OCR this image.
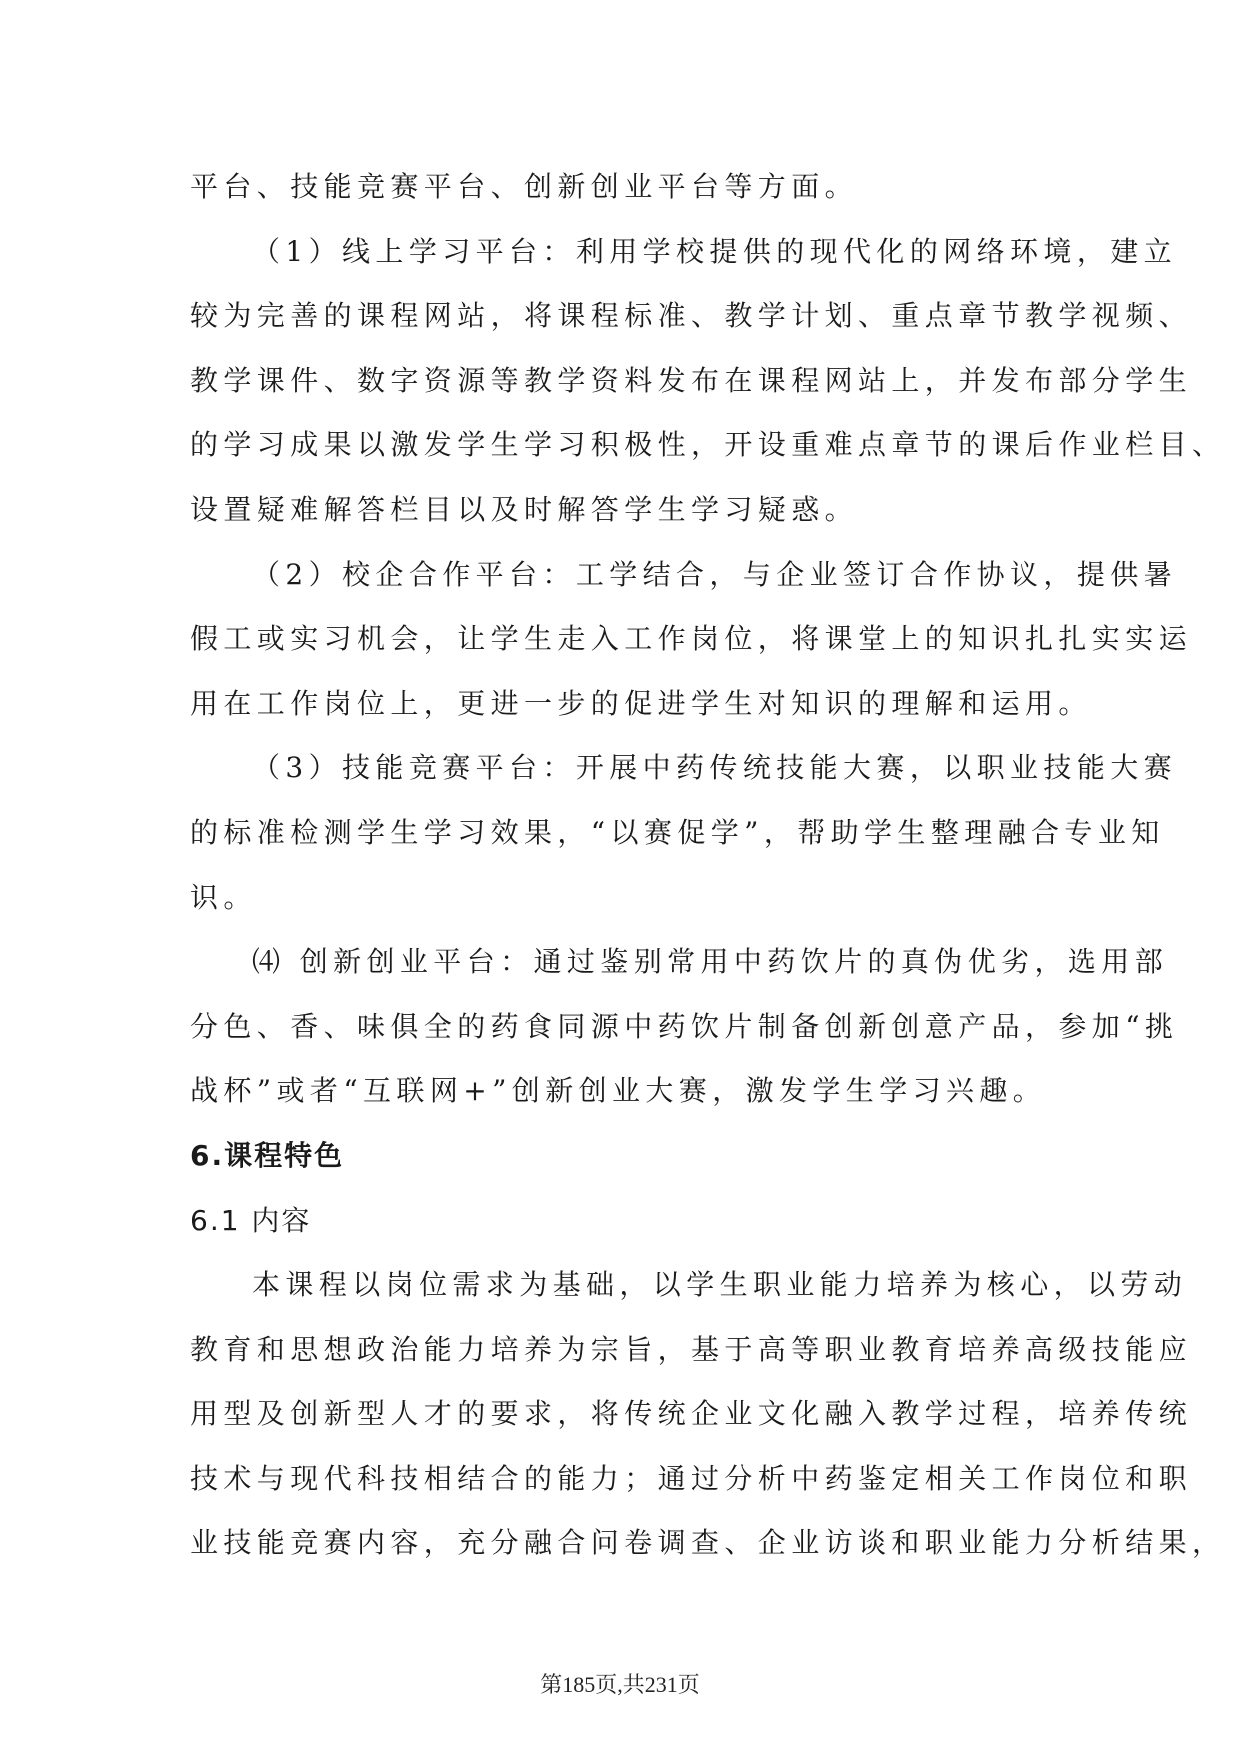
平台、技能竞赛平台、创新创业平台等方面。
（1）线上学习平台：利用学校提供的现代化的网络环境，建立
较为完善的课程网站，将课程标准、教学计划、重点章节教学视频、
教学课件、数字资源等教学资料发布在课程网站上，并发布部分学生
的学习成果以激发学生学习积极性，开设重难点章节的课后作业栏目、
设置疑难解答栏目以及时解答学生学习疑惑。
（2）校企合作平台：工学结合，与企业签订合作协议，提供暑
假工或实习机会，让学生走入工作岗位，将课堂上的知识扎扎实实运
用在工作岗位上，更进一步的促进学生对知识的理解和运用。
（3）技能竞赛平台：开展中药传统技能大赛，以职业技能大赛
的标准检测学生学习效果，“以赛促学”，帮助学生整理融合专业知
识。
⑷ 创新创业平台：通过鉴别常用中药饮片的真伪优劣，选用部
分色、香、味俱全的药食同源中药饮片制备创新创意产品，参加“挑
战杯”或者“互联网+”创新创业大赛，激发学生学习兴趣。
6.课程特色
6.1 内容
本课程以岗位需求为基础，以学生职业能力培养为核心，以劳动
教育和思想政治能力培养为宗旨，基于高等职业教育培养高级技能应
用型及创新型人才的要求，将传统企业文化融入教学过程，培养传统
技术与现代科技相结合的能力；通过分析中药鉴定相关工作岗位和职
业技能竞赛内容，充分融合问卷调查、企业访谈和职业能力分析结果，
第185页,共231页
